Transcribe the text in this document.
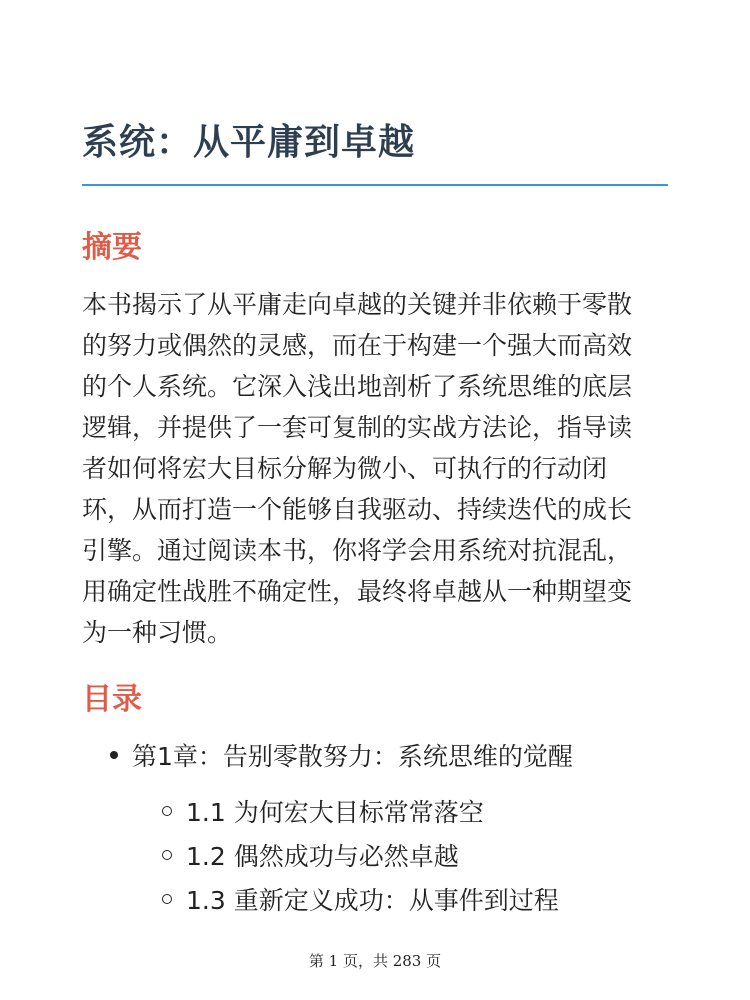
系统：从平庸到卓越
摘要

本书揭示了从平庸走向卓越的关键并非依赖于零散
的努力或偶然的灵感，而在于构建一个强大而高效
的个人系统。它深入浅出地剖析了系统思维的底层
逻辑，并提供了一套可复制的实战方法论，指导读
者如何将宏大目标分解为微小、可执行的行动闭
环，从而打造一个能够自我驱动、持续迭代的成长
引擎。通过阅读本书，你将学会用系统对抗混乱，
用确定性战胜不确定性，最终将卓越从一种期望变
为一种习惯。

目录
第1章：告别零散努力：系统思维的觉醒
1.1 为何宏大目标常常落空
1.2 偶然成功与必然卓越
1.3 重新定义成功：从事件到过程
第 1 页，共 283 页
